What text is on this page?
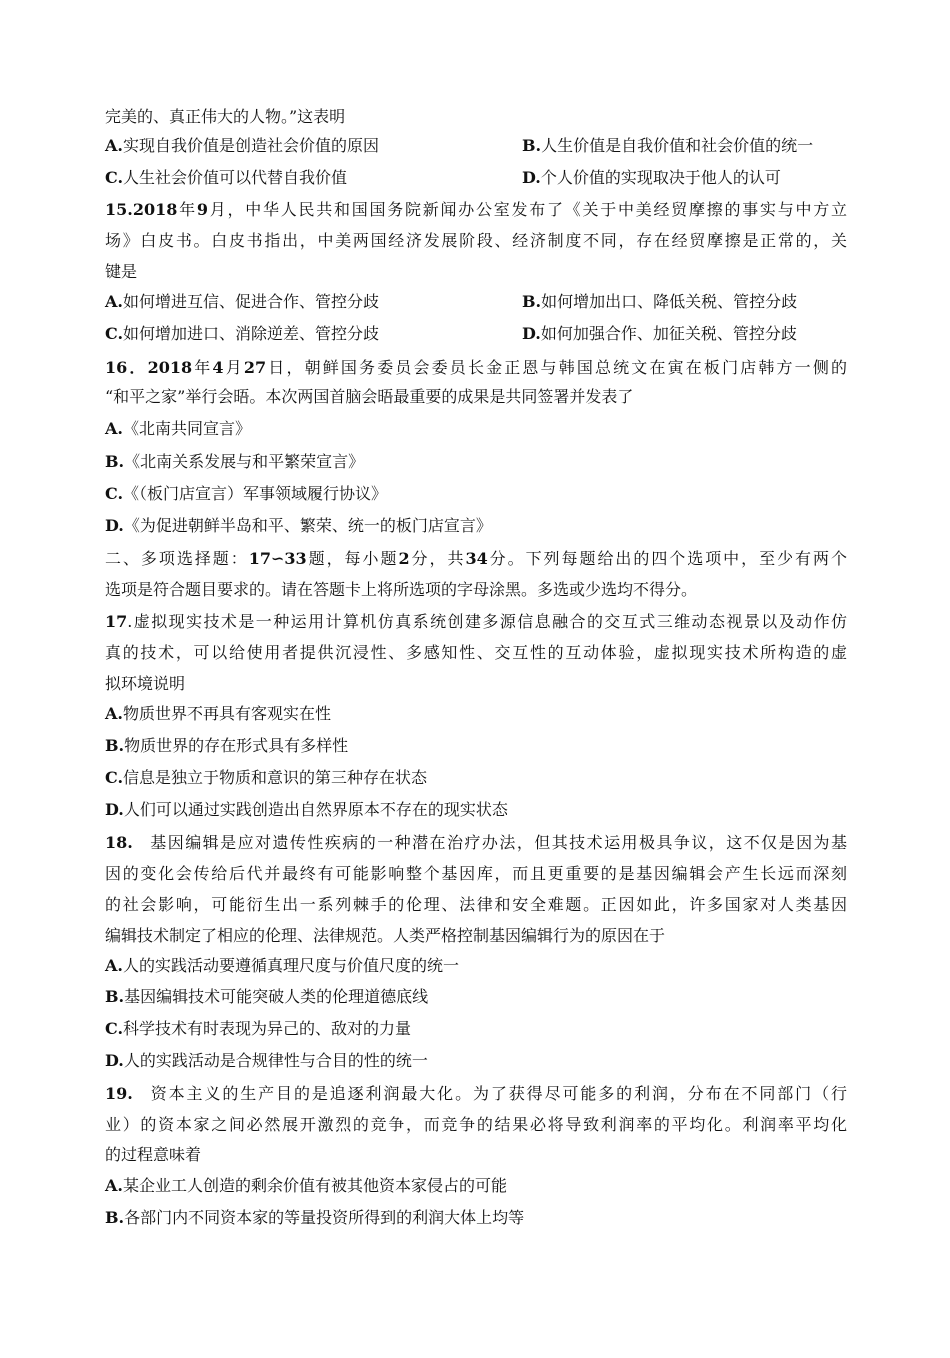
完美的、真正伟大的人物。”这表明
A.实现自我价值是创造社会价值的原因	B.人生价值是自我价值和社会价值的统一
C.人生社会价值可以代替自我价值	D.个人价值的实现取决于他人的认可
15.2018年9月，中华人民共和国国务院新闻办公室发布了《关于中美经贸摩擦的事实与中方立
场》白皮书。白皮书指出，中美两国经济发展阶段、经济制度不同，存在经贸摩擦是正常的，关
键是
A.如何增进互信、促进合作、管控分歧	B.如何增加出口、降低关税、管控分歧
C.如何增加进口、消除逆差、管控分歧	D.如何加强合作、加征关税、管控分歧
16．2018年4月27日，朝鲜国务委员会委员长金正恩与韩国总统文在寅在板门店韩方一侧的
“和平之家”举行会晤。本次两国首脑会晤最重要的成果是共同签署并发表了
A.《北南共同宣言》
B.《北南关系发展与和平繁荣宣言》
C.《（板门店宣言）军事领域履行协议》
D.《为促进朝鲜半岛和平、繁荣、统一的板门店宣言》
二、多项选择题：17∽33题，每小题2分，共34分。下列每题给出的四个选项中，至少有两个
选项是符合题目要求的。请在答题卡上将所选项的字母涂黑。多选或少选均不得分。
17.虚拟现实技术是一种运用计算机仿真系统创建多源信息融合的交互式三维动态视景以及动作仿
真的技术，可以给使用者提供沉浸性、多感知性、交互性的互动体验，虚拟现实技术所构造的虚
拟环境说明
A.物质世界不再具有客观实在性
B.物质世界的存在形式具有多样性
C.信息是独立于物质和意识的第三种存在状态
D.人们可以通过实践创造出自然界原本不存在的现实状态
18. 基因编辑是应对遗传性疾病的一种潜在治疗办法，但其技术运用极具争议，这不仅是因为基
因的变化会传给后代并最终有可能影响整个基因库，而且更重要的是基因编辑会产生长远而深刻
的社会影响，可能衍生出一系列棘手的伦理、法律和安全难题。正因如此，许多国家对人类基因
编辑技术制定了相应的伦理、法律规范。人类严格控制基因编辑行为的原因在于
A.人的实践活动要遵循真理尺度与价值尺度的统一
B.基因编辑技术可能突破人类的伦理道德底线
C.科学技术有时表现为异己的、敌对的力量
D.人的实践活动是合规律性与合目的性的统一
19. 资本主义的生产目的是追逐利润最大化。为了获得尽可能多的利润，分布在不同部门（行
业）的资本家之间必然展开激烈的竞争，而竞争的结果必将导致利润率的平均化。利润率平均化
的过程意味着
A.某企业工人创造的剩余价值有被其他资本家侵占的可能
B.各部门内不同资本家的等量投资所得到的利润大体上均等
